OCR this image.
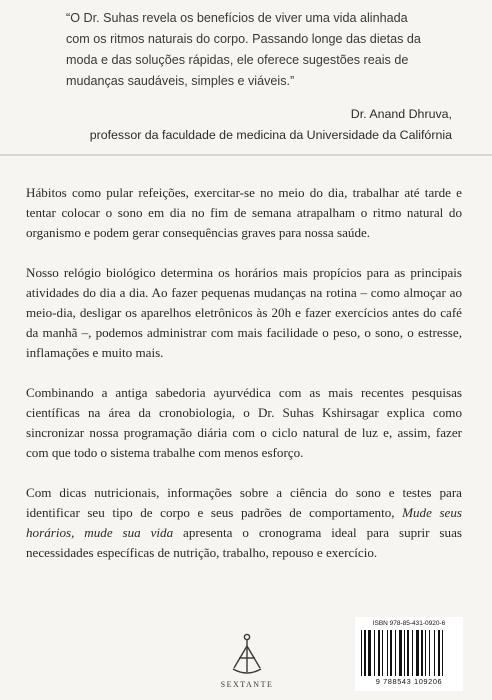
“O Dr. Suhas revela os benefícios de viver uma vida alinhada

com os ritmos naturais do corpo. Passando longe das dietas da

moda e das soluções rápidas, ele oferece sugestões reais de

mudanças saudáveis, simples e viáveis.”

Dr. Anand Dhruva,
professor da faculdade de medicina da Universidade da Califórnia

Hábitos como pular refeições, exercitar-se no meio do dia, trabalhar até tarde e tentar colocar o sono em dia no fim de semana atrapalham o ritmo natural do organismo e podem gerar consequências graves para nossa saúde.

Nosso relógio biológico determina os horários mais propícios para as principais atividades do dia a dia. Ao fazer pequenas mudanças na rotina – como almoçar ao meio-dia, desligar os aparelhos eletrônicos às 20h e fazer exercícios antes do café da manhã –, podemos administrar com mais facilidade o peso, o sono, o estresse, inflamações e muito mais.

Combinando a antiga sabedoria ayurvédica com as mais recentes pesquisas científicas na área da cronobiologia, o Dr. Suhas Kshirsagar explica como sincronizar nossa programação diária com o ciclo natural de luz e, assim, fazer com que todo o sistema trabalhe com menos esforço.

Com dicas nutricionais, informações sobre a ciência do sono e testes para identificar seu tipo de corpo e seus padrões de comportamento, Mude seus horários, mude sua vida apresenta o cronograma ideal para suprir suas necessidades específicas de nutrição, trabalho, repouso e exercício.

SEXTANTE
ISBN 978-85-431-0920-6
9 788543 109206
